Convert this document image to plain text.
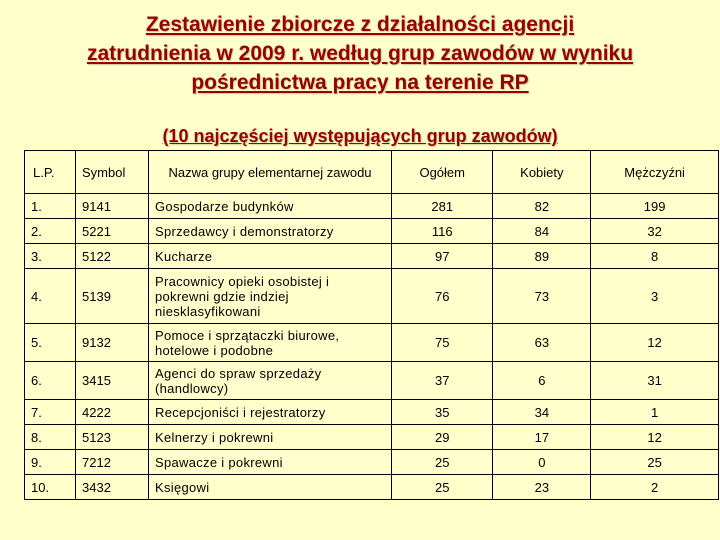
Zestawienie zbiorcze z działalności agencji
zatrudnienia w 2009 r. według grup zawodów w wyniku
pośrednictwa pracy na terenie RP
(10 najczęściej występujących grup zawodów)
L.P.	Symbol	Nazwa grupy elementarnej zawodu	Ogółem	Kobiety	Mężczyźni
1.	9141	Gospodarze budynków	281	82	199
2.	5221	Sprzedawcy i demonstratorzy	116	84	32
3.	5122	Kucharze	97	89	8
4.	5139	Pracownicy opieki osobistej i pokrewni gdzie indziej niesklasyfikowani	76	73	3
5.	9132	Pomoce i sprzątaczki biurowe, hotelowe i podobne	75	63	12
6.	3415	Agenci do spraw sprzedaży (handlowcy)	37	6	31
7.	4222	Recepcjoniści i rejestratorzy	35	34	1
8.	5123	Kelnerzy i pokrewni	29	17	12
9.	7212	Spawacze i pokrewni	25	0	25
10.	3432	Księgowi	25	23	2
